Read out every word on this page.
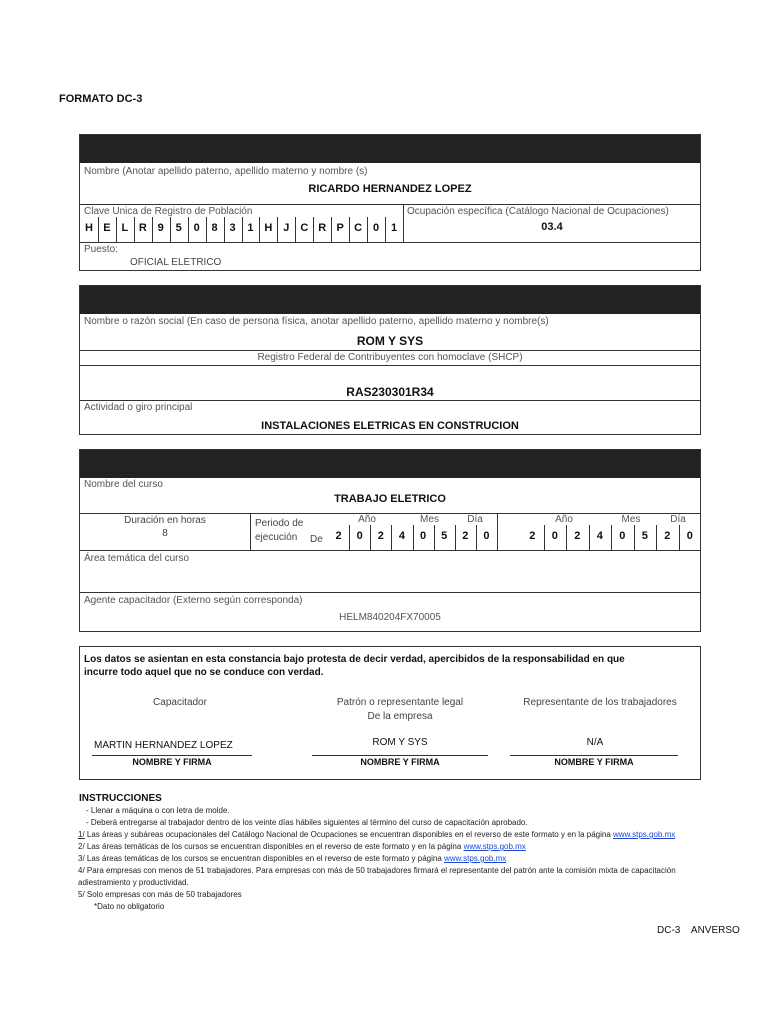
FORMATO DC-3
Nombre (Anotar apellido paterno, apellido materno y nombre (s)
RICARDO HERNANDEZ LOPEZ
Clave Unica de Registro de Población
H E L R 9	5	0	8	3	1 H J C R P C 0	1
Ocupación específica (Catálogo Nacional de Ocupaciones)
03.4
Puesto:
OFICIAL ELETRICO
Nombre o razón social (En caso de persona física, anotar apellido paterno, apellido materno y nombre(s)
ROM Y SYS
Registro Federal de Contribuyentes con homoclave (SHCP)
RAS230301R34
Actividad o giro principal
INSTALACIONES ELETRICAS EN CONSTRUCION
Nombre del curso
TRABAJO ELETRICO
Duración en horas
8
Periodo de
ejecución De
Año	Mes	Día
2	0	2	4	0	5	2	0
Año	Mes	Día
2	0	2	4	0	5	2	0
Área temática del curso
Agente capacitador (Externo según corresponda)
HELM840204FX70005
Los datos se asientan en esta constancia bajo protesta de decir verdad, apercibidos de la responsabilidad en que incurre todo aquel que no se conduce con verdad.
Capacitador	Patrón o representante legal
De la empresa
Representante de los trabajadores
MARTIN HERNANDEZ LOPEZ	ROM Y SYS	N/A
NOMBRE Y FIRMA	NOMBRE Y FIRMA	NOMBRE Y FIRMA
INSTRUCCIONES
- Llenar a máquina o con letra de molde.
- Deberá entregarse al trabajador dentro de los veinte días hábiles siguientes al término del curso de capacitación aprobado.
1/ Las áreas y subáreas ocupacionales del Catálogo Nacional de Ocupaciones se encuentran disponibles en el reverso de este formato y en la página www.stps.gob.mx
2/ Las áreas temáticas de los cursos se encuentran disponibles en el reverso de este formato y en la página www.stps.gob.mx
3/ Las áreas temáticas de los cursos se encuentran disponibles en el reverso de este formato y página www.stps.gob.mx
4/ Para empresas con menos de 51 trabajadores. Para empresas con más de 50 trabajadores firmará el representante del patrón ante la comisión mixta de capacitación
adiestramiento y productividad.
5/ Solo empresas con más de 50 trabajadores
*Dato no obligatorio
DC-3    ANVERSO
